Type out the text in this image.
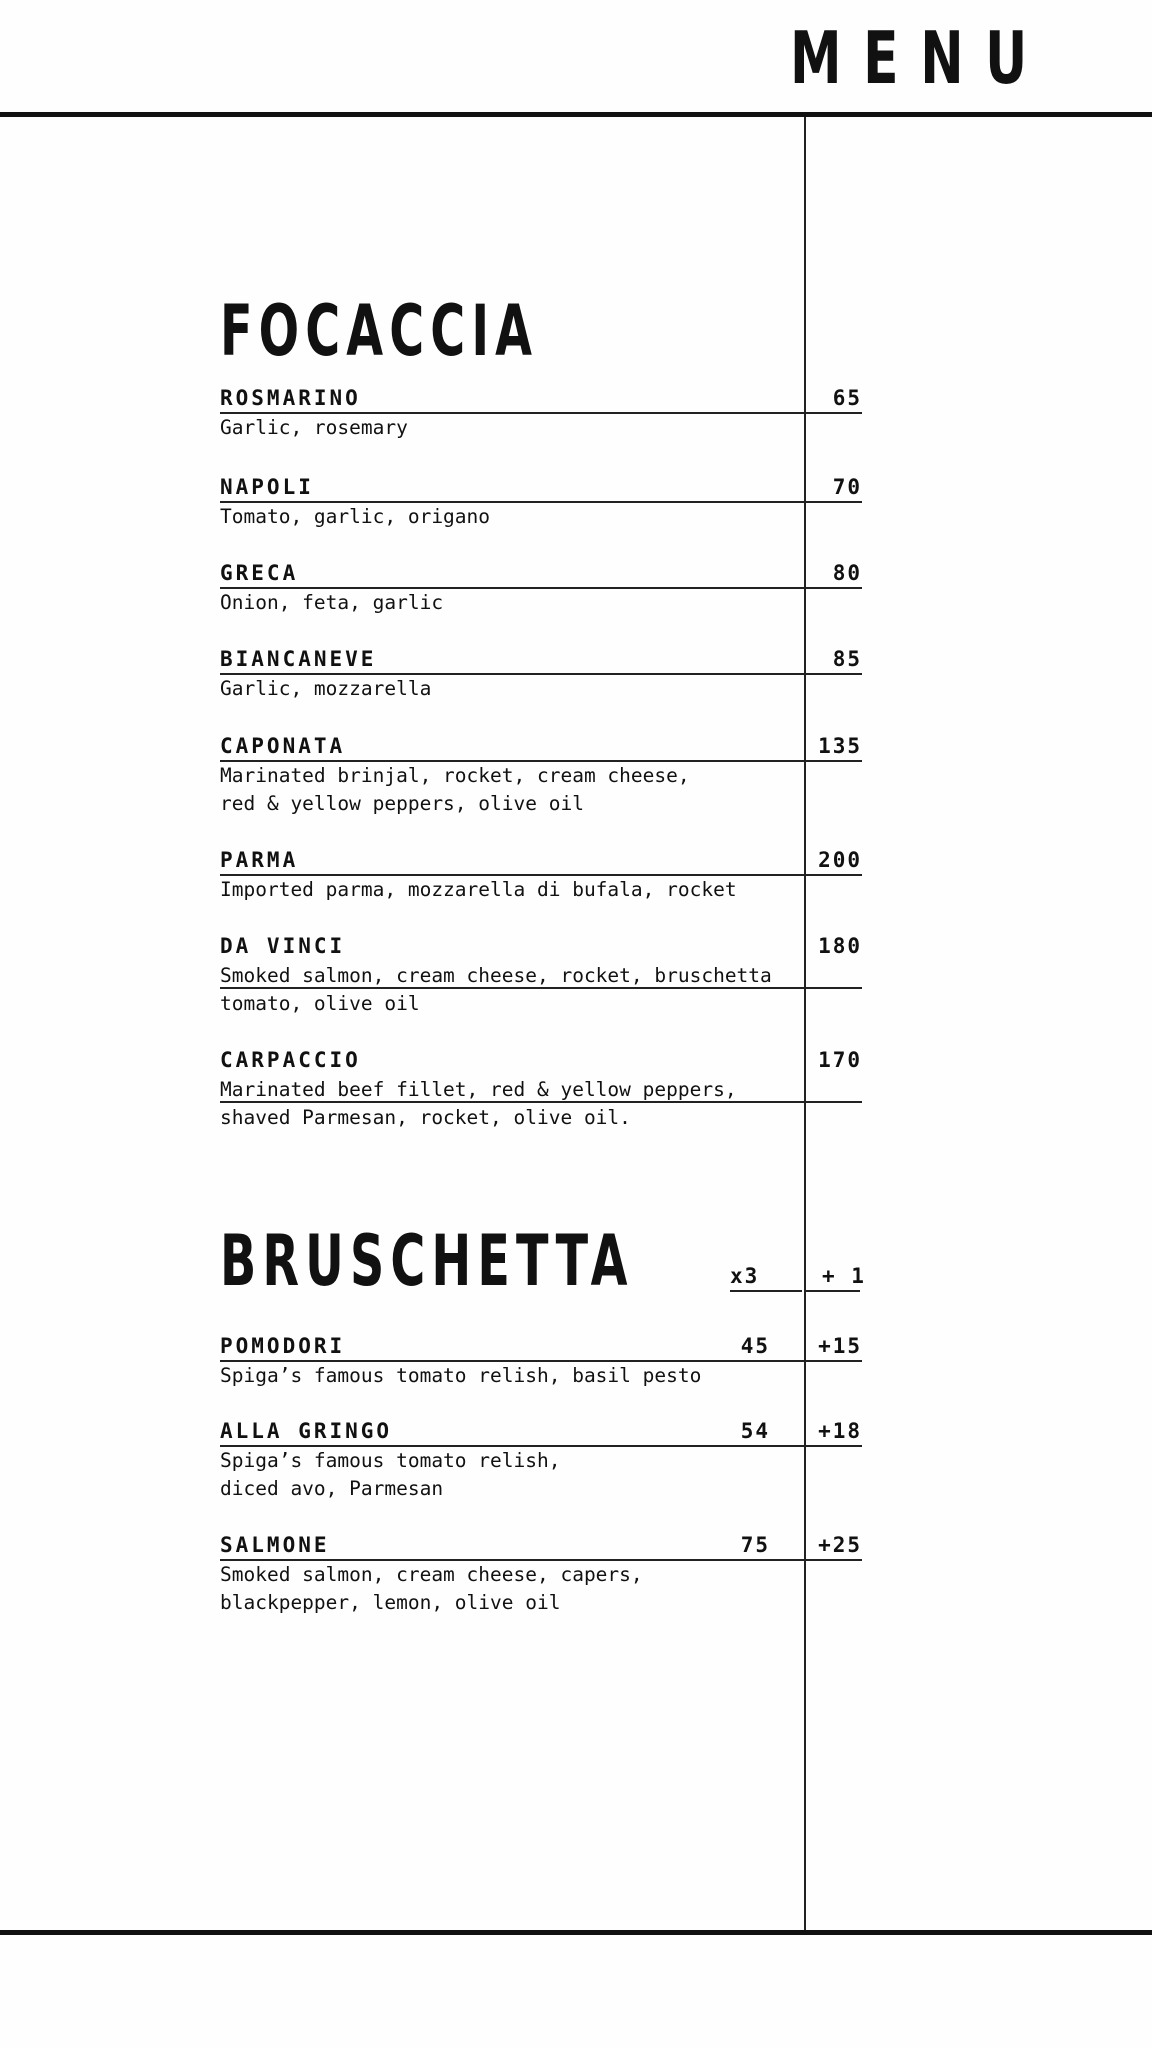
MENU
FOCACCIA
ROSMARINO	65
Garlic, rosemary
NAPOLI	70
Tomato, garlic, origano
GRECA	80
Onion, feta, garlic
BIANCANEVE	85
Garlic, mozzarella
CAPONATA	135
Marinated brinjal, rocket, cream cheese,
red & yellow peppers, olive oil
PARMA	200
Imported parma, mozzarella di bufala, rocket
DA VINCI	180
Smoked salmon, cream cheese, rocket, bruschetta
tomato, olive oil
CARPACCIO	170
Marinated beef fillet, red & yellow peppers,
shaved Parmesan, rocket, olive oil.
BRUSCHETTA	x3	+ 1
POMODORI	45 +15
Spiga’s famous tomato relish, basil pesto
ALLA GRINGO	54 +18
Spiga’s famous tomato relish,
diced avo, Parmesan
SALMONE	75 +25
Smoked salmon, cream cheese, capers,
blackpepper, lemon, olive oil
